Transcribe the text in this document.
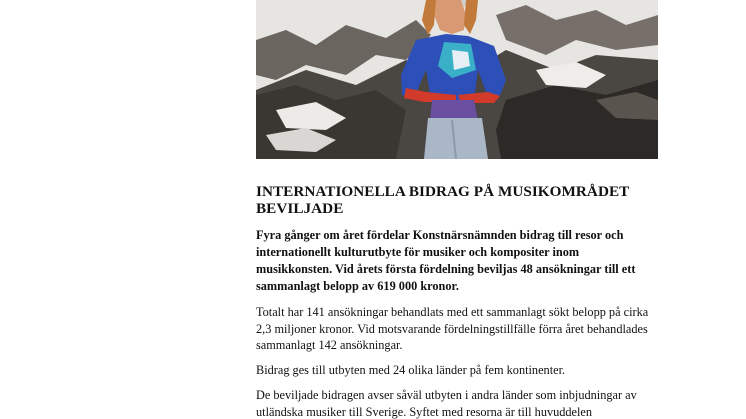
INTERNATIONELLA BIDRAG PÅ MUSIKOMRÅDET BEVILJADE

Fyra gånger om året fördelar Konstnärsnämnden bidrag till resor och internationellt kulturutbyte för musiker och kompositer inom musikkonsten. Vid årets första fördelning beviljas 48 ansökningar till ett sammanlagt belopp av 619 000 kronor.

Totalt har 141 ansökningar behandlats med ett sammanlagt sökt belopp på cirka 2,3 miljoner kronor. Vid motsvarande fördelningstillfälle förra året behandlades sammanlagt 142 ansökningar.

Bidrag ges till utbyten med 24 olika länder på fem kontinenter.

De beviljade bidragen avser såväl utbyten i andra länder som inbjudningar av utländska musiker till Sverige. Syftet med resorna är till huvuddelen
